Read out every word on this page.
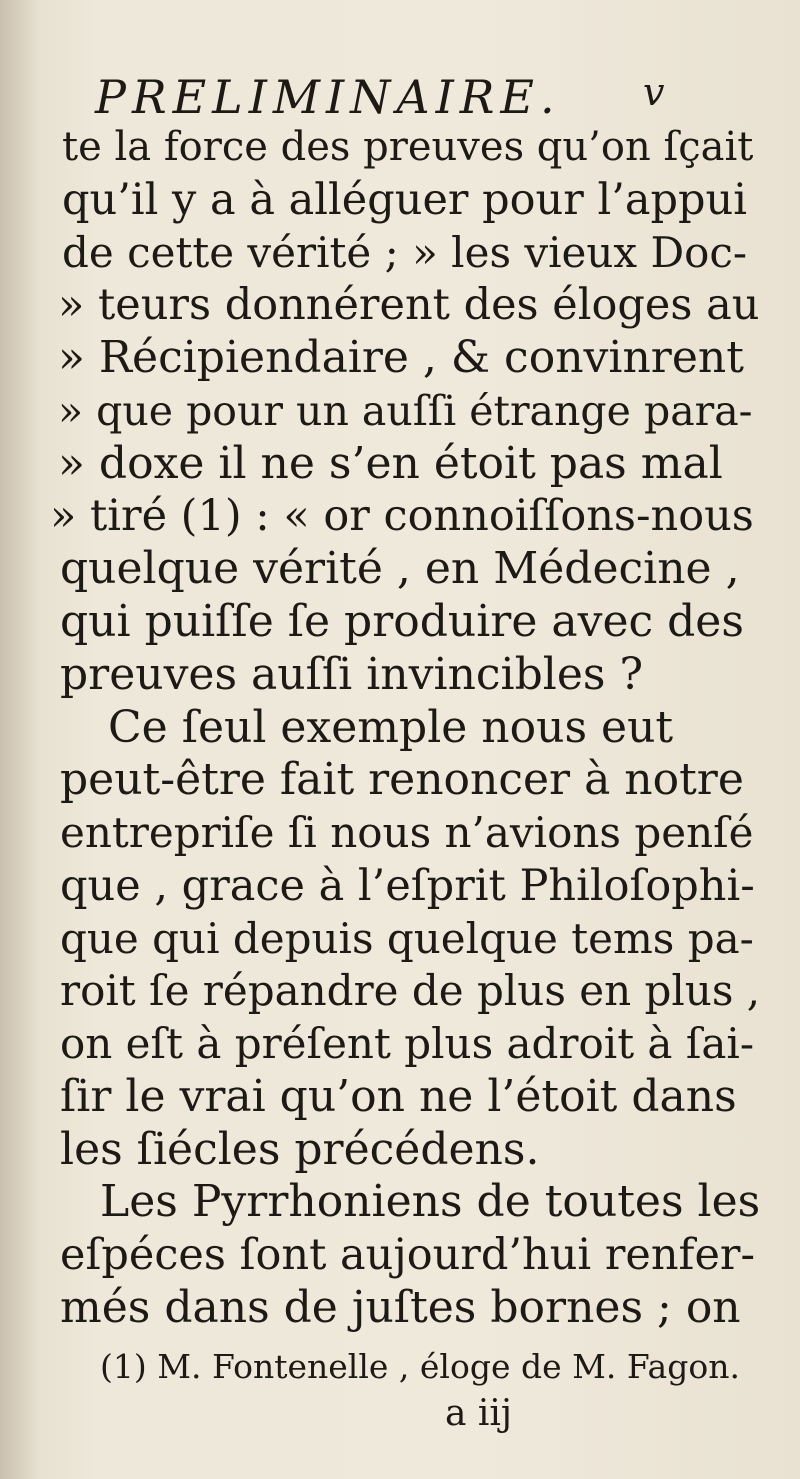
PRELIMINAIRE. v
te la force des preuves qu’on ſçait
qu’il y a à alléguer pour l’appui
de cette vérité ; » les vieux Doc-
» teurs donnérent des éloges au
» Récipiendaire , & convinrent
» que pour un auſſi étrange para-
» doxe il ne s’en étoit pas mal
» tiré (1) : « or connoiſſons-nous
quelque vérité , en Médecine ,
qui puiſſe ſe produire avec des
preuves auſſi invincibles ?
Ce ſeul exemple nous eut
peut-être fait renoncer à notre
entrepriſe ſi nous n’avions penſé
que , grace à l’eſprit Philoſophi-
que qui depuis quelque tems pa-
roit ſe répandre de plus en plus ,
on eſt à préſent plus adroit à ſai-
ſir le vrai qu’on ne l’étoit dans
les ſiécles précédens.
Les Pyrrhoniens de toutes les
eſpéces ſont aujourd’hui renfer-
més dans de juſtes bornes ; on
(1) M. Fontenelle , éloge de M. Fagon.
a iij
